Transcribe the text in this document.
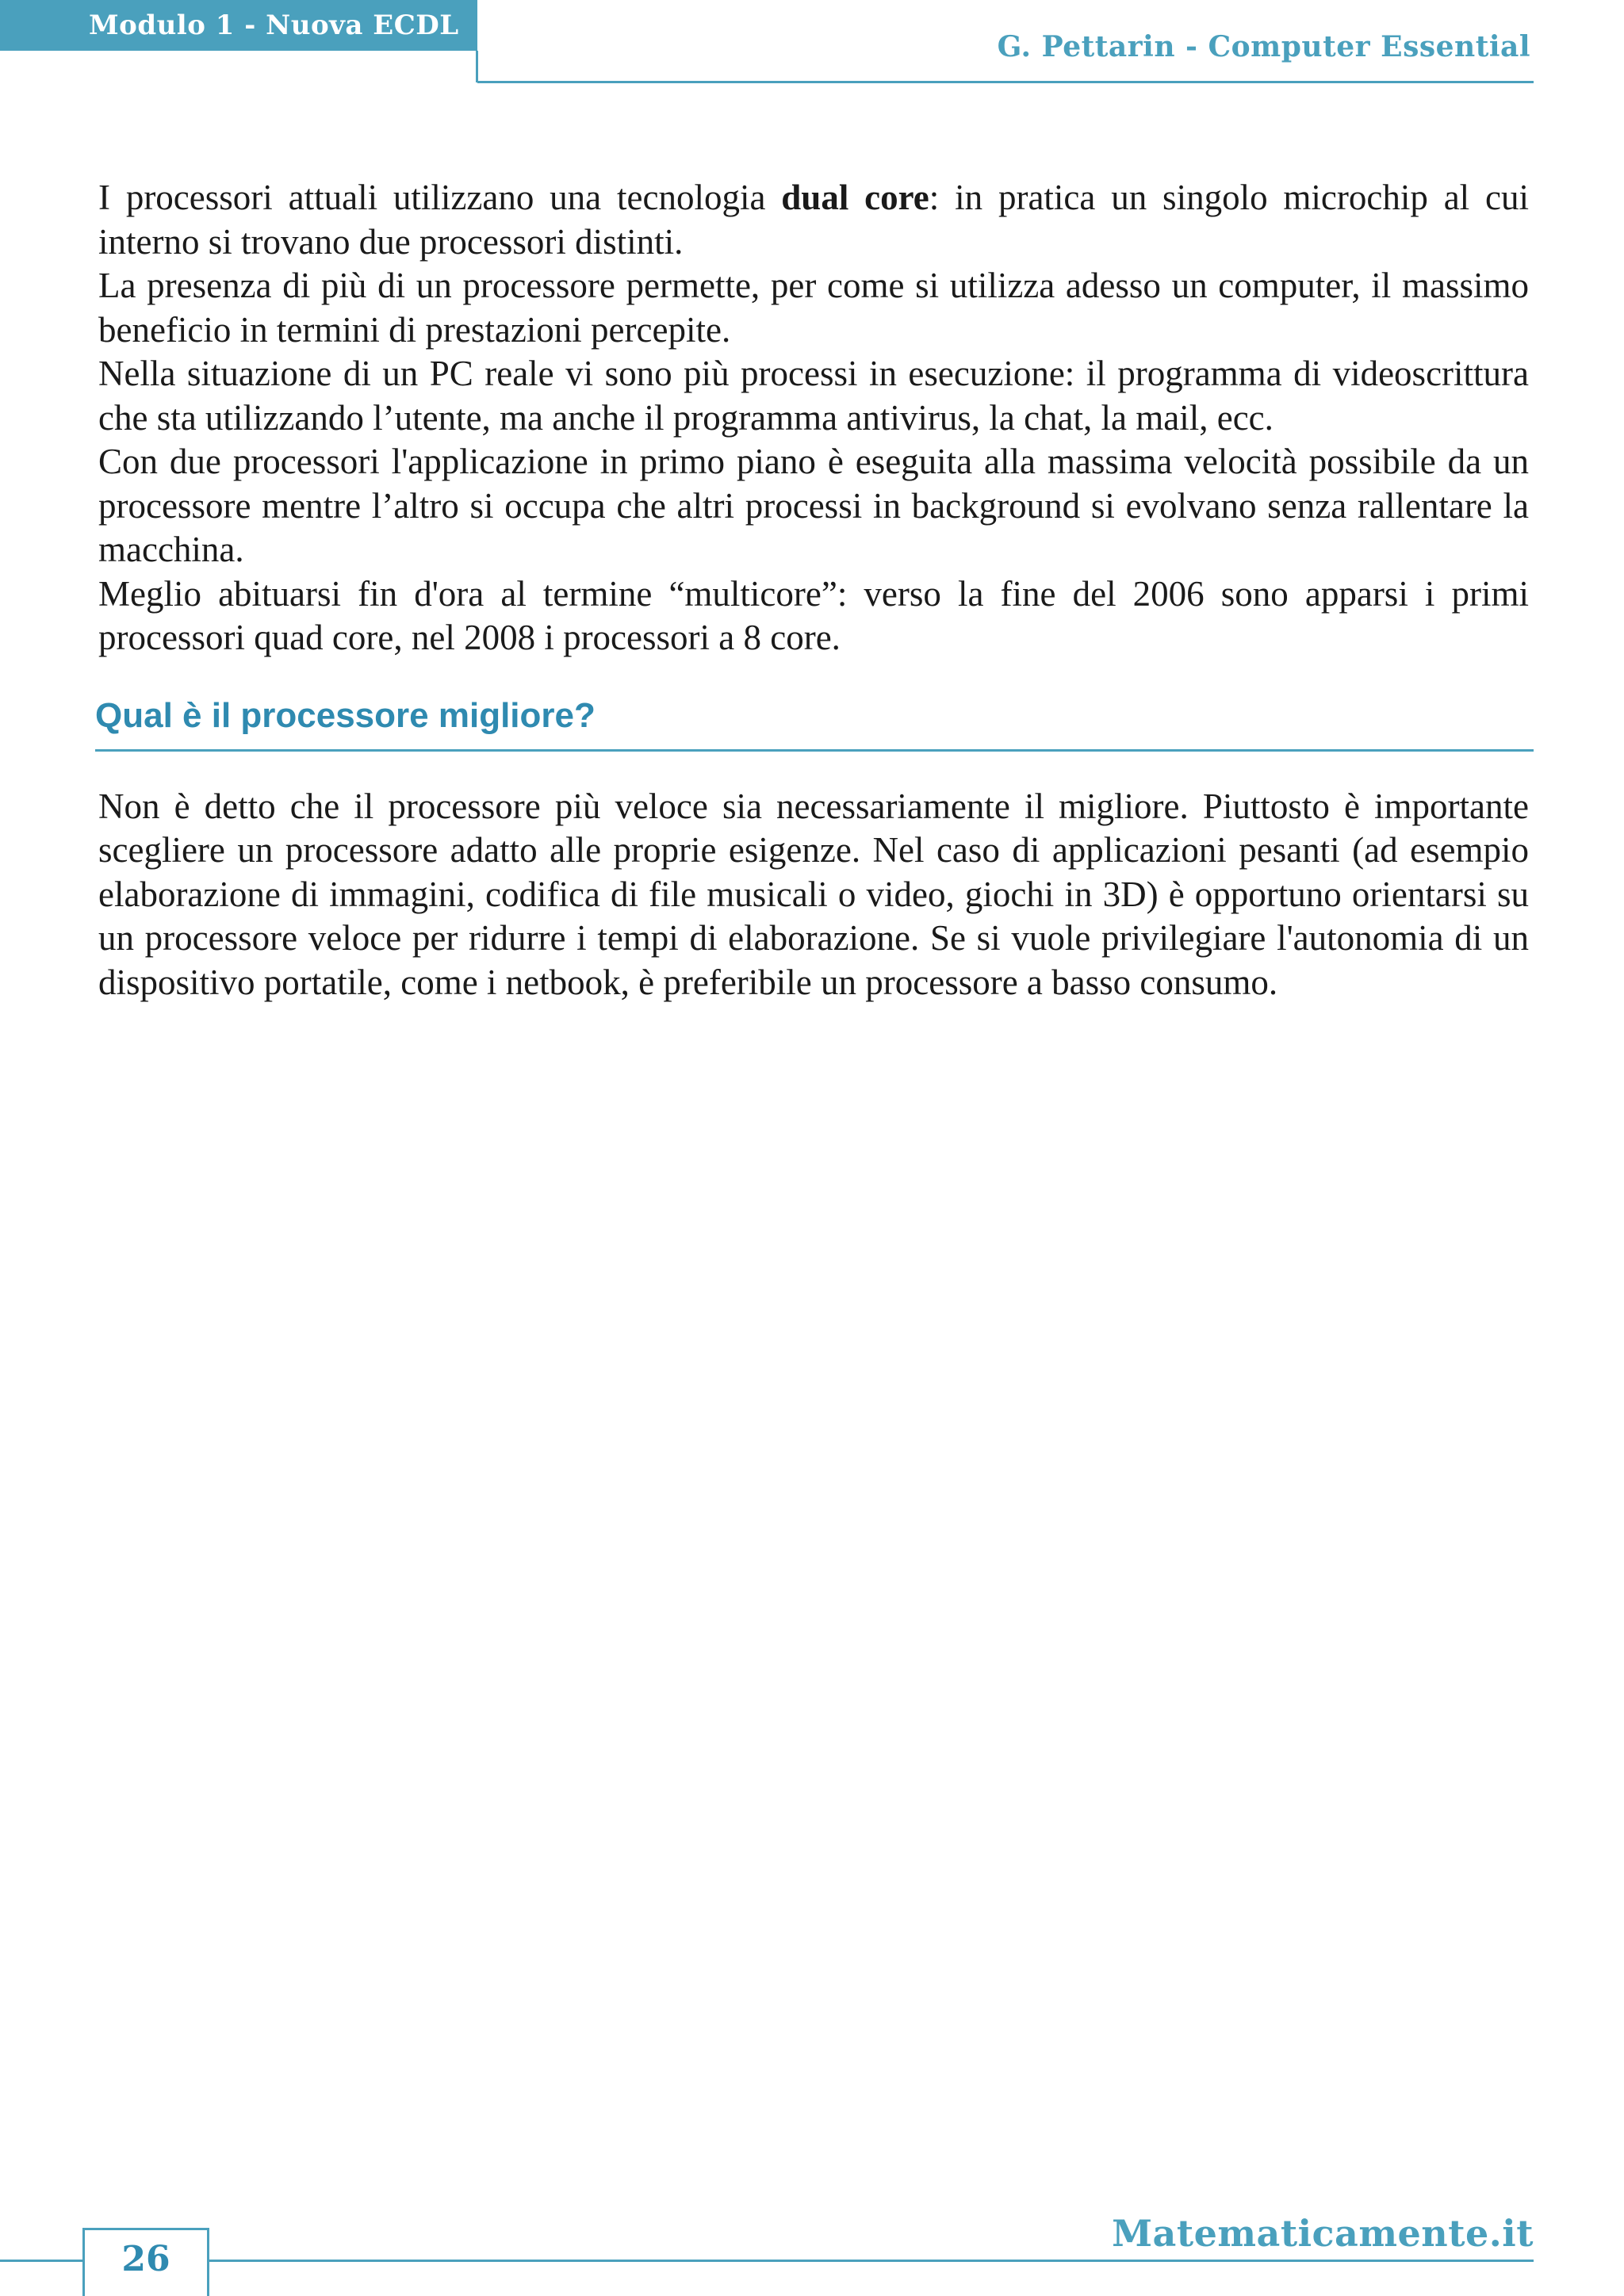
Modulo 1 - Nuova ECDL
G. Pettarin - Computer Essential

I processori attuali utilizzano una tecnologia dual core: in pratica un singolo microchip al cui interno si trovano due processori distinti.

La presenza di più di un processore permette, per come si utilizza adesso un computer, il massimo beneficio in termini di prestazioni percepite.

Nella situazione di un PC reale vi sono più processi in esecuzione: il programma di videoscrittura che sta utilizzando l’utente, ma anche il programma antivirus, la chat, la mail, ecc.

Con due processori l'applicazione in primo piano è eseguita alla massima velocità possibile da un processore mentre l’altro si occupa che altri processi in background si evolvano senza rallentare la macchina.

Meglio abituarsi fin d'ora al termine “multicore”: verso la fine del 2006 sono apparsi i primi processori quad core, nel 2008 i processori a 8 core.

Qual è il processore migliore?

Non è detto che il processore più veloce sia necessariamente il migliore. Piuttosto è importante scegliere un processore adatto alle proprie esigenze. Nel caso di applicazioni pesanti (ad esempio elaborazione di immagini, codifica di file musicali o video, giochi in 3D) è opportuno orientarsi su un processore veloce per ridurre i tempi di elaborazione. Se si vuole privilegiare l'autonomia di un dispositivo portatile, come i netbook, è preferibile un processore a basso consumo.

26
Matematicamente.it
